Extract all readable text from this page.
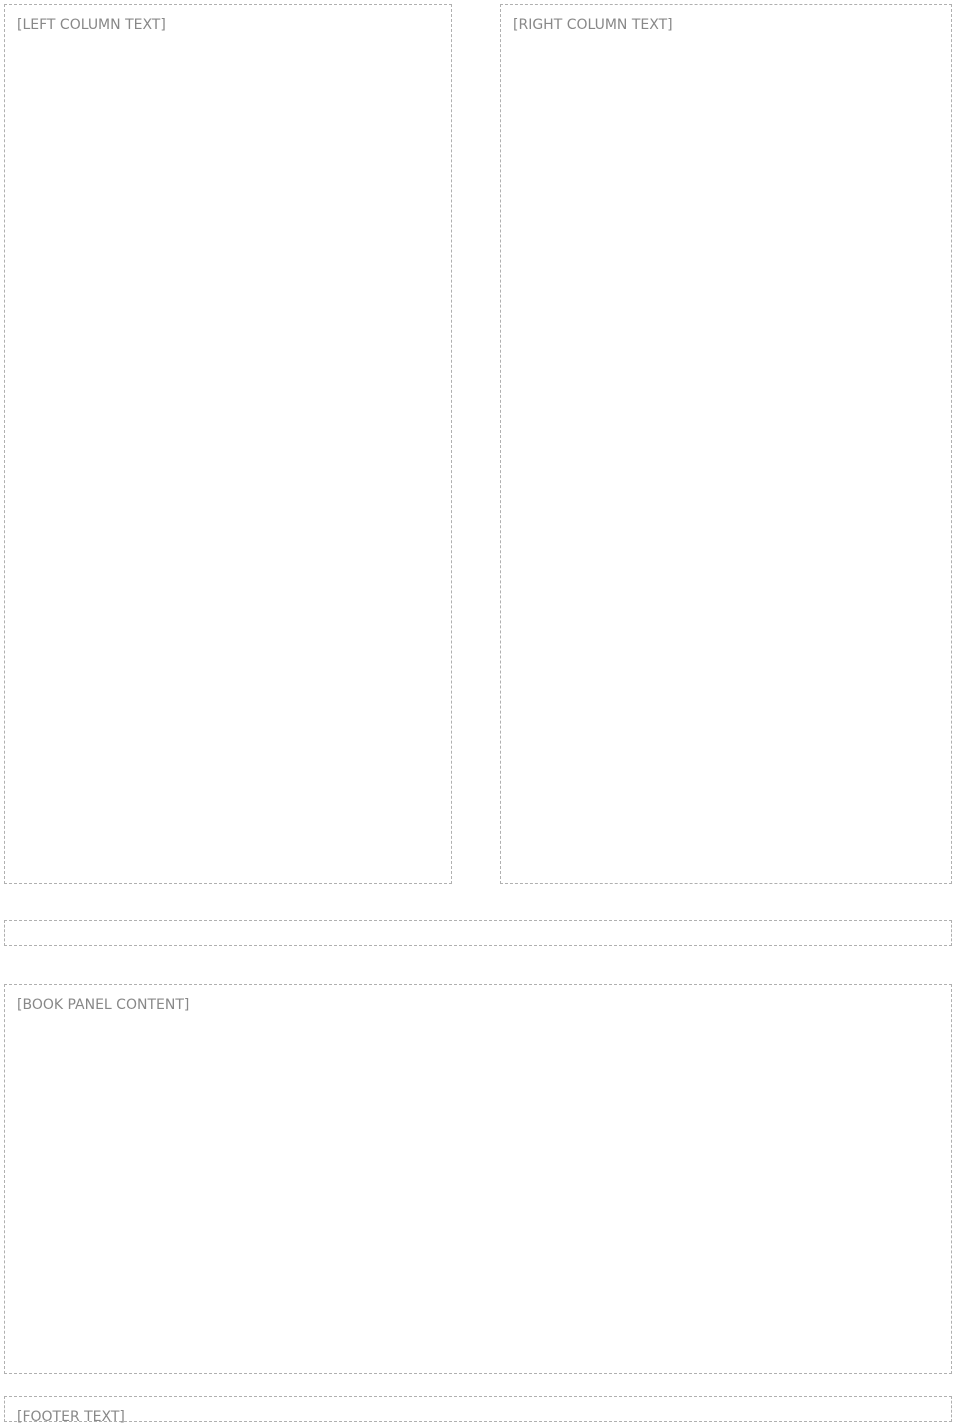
[LEFT COLUMN TEXT]	[RIGHT COLUMN TEXT]
[BOOK PANEL CONTENT]
[FOOTER TEXT]
